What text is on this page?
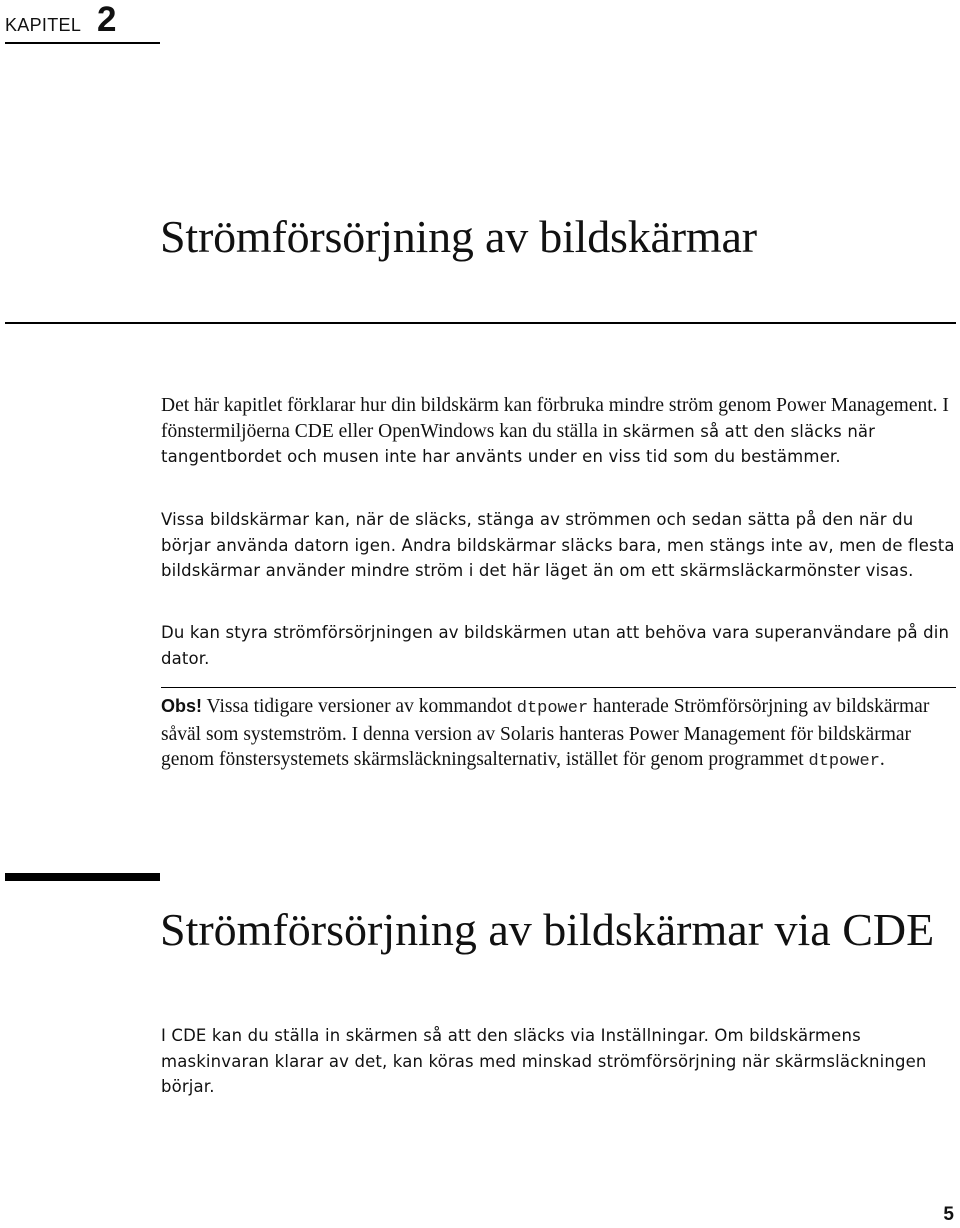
KAPITEL 2
Strömförsörjning av bildskärmar

Det här kapitlet förklarar hur din bildskärm kan förbruka mindre ström genom Power Management. I fönstermiljöerna CDE eller OpenWindows kan du ställa in skärmen så att den släcks när tangentbordet och musen inte har använts under en viss tid som du bestämmer.

Vissa bildskärmar kan, när de släcks, stänga av strömmen och sedan sätta på den när du börjar använda datorn igen. Andra bildskärmar släcks bara, men stängs inte av, men de flesta bildskärmar använder mindre ström i det här läget än om ett skärmsläckarmönster visas.

Du kan styra strömförsörjningen av bildskärmen utan att behöva vara superanvändare på din dator.

Obs! Vissa tidigare versioner av kommandot dtpower hanterade Strömförsörjning av bildskärmar såväl som systemström. I denna version av Solaris hanteras Power Management för bildskärmar genom fönstersystemets skärmsläckningsalternativ, istället för genom programmet dtpower.

Strömförsörjning av bildskärmar via CDE

I CDE kan du ställa in skärmen så att den släcks via Inställningar. Om bildskärmens maskinvaran klarar av det, kan köras med minskad strömförsörjning när skärmsläckningen börjar.

5
